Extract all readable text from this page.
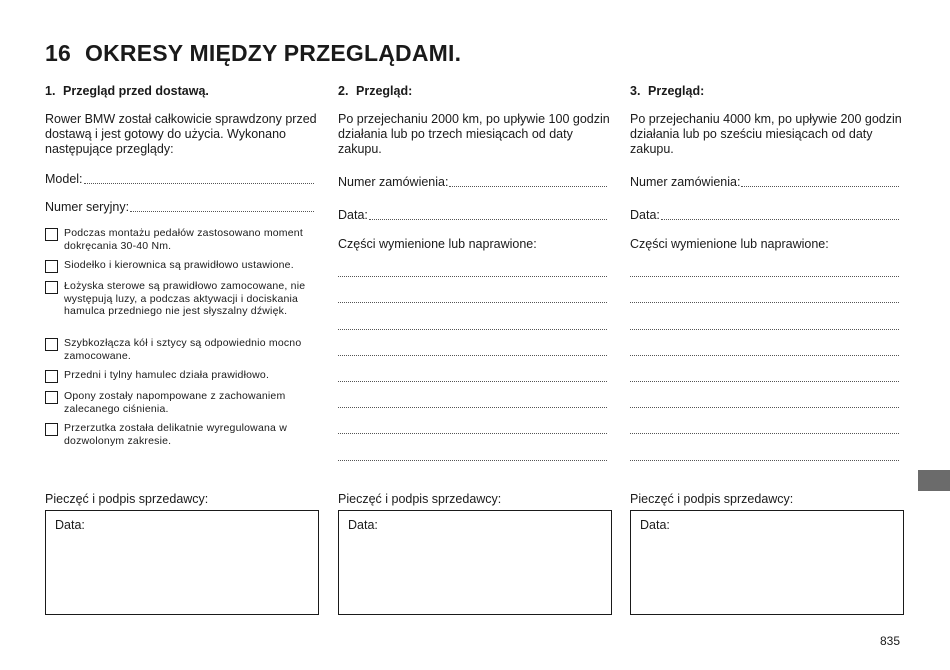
16 OKRESY MIĘDZY PRZEGLĄDAMI.
1. Przegląd przed dostawą.
Rower BMW został całkowicie sprawdzony przed dostawą i jest gotowy do użycia. Wykonano następujące przeglądy:
Model:
Numer seryjny:
Podczas montażu pedałów zastosowano moment dokręcania 30-40 Nm.
Siodełko i kierownica są prawidłowo ustawione.
Łożyska sterowe są prawidłowo zamocowane, nie występują luzy, a podczas aktywacji i dociskania hamulca przedniego nie jest słyszalny dźwięk.
Szybkozłącza kół i sztycy są odpowiednio mocno zamocowane.
Przedni i tylny hamulec działa prawidłowo.
Opony zostały napompowane z zachowaniem zalecanego ciśnienia.
Przerzutka została delikatnie wyregulowana w dozwolonym zakresie.
2. Przegląd:
Po przejechaniu 2000 km, po upływie 100 godzin działania lub po trzech miesiącach od daty zakupu.
Numer zamówienia:
Data:
Części wymienione lub naprawione:
3. Przegląd:
Po przejechaniu 4000 km, po upływie 200 godzin działania lub po sześciu miesiącach od daty zakupu.
Numer zamówienia:
Data:
Części wymienione lub naprawione:
Pieczęć i podpis sprzedawcy:
Data:
Pieczęć i podpis sprzedawcy:
Data:
Pieczęć i podpis sprzedawcy:
Data:
835
